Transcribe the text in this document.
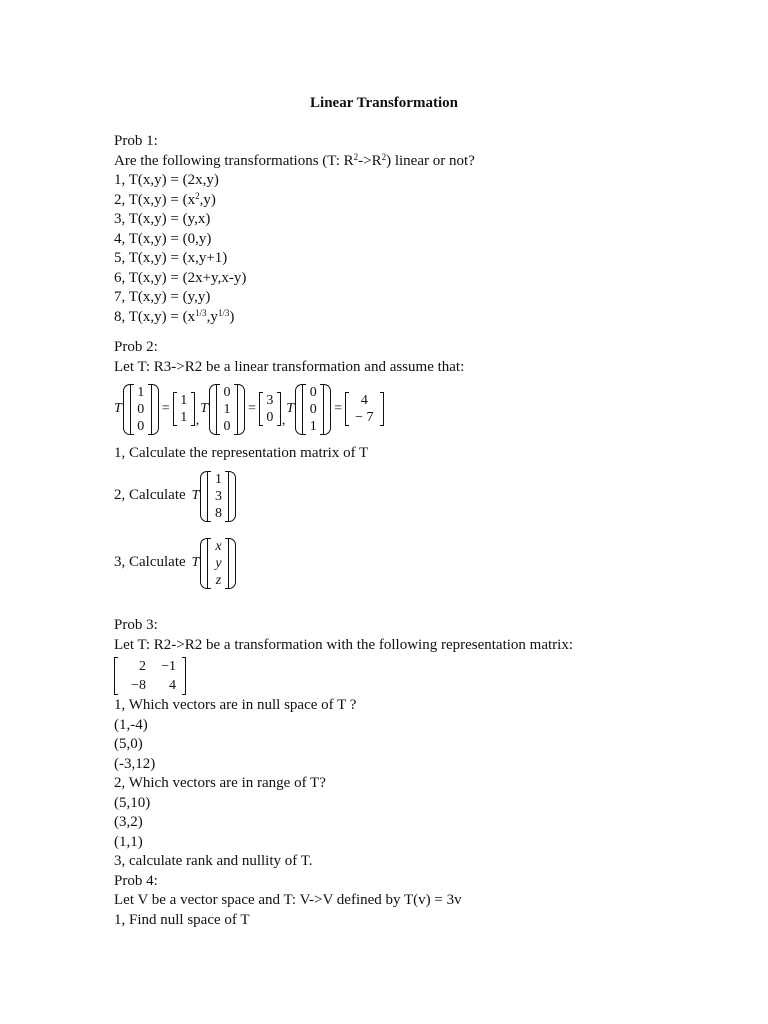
Linear Transformation
Prob 1:
Are the following transformations (T: $R^2->R^2$) linear or not?
1, T(x,y) = (2x,y)
2, $T(x,y) = (x^2,y)$
3, T(x,y) = (y,x)
4, T(x,y) = (0,y)
5, T(x,y) = (x,y+1)
6, T(x,y) = (2x+y,x-y)
7, T(x,y) = (y,y)
8, $T(x,y) = (x^{1/3},y^{1/3})$
Prob 2:
Let T: R3->R2 be a linear transformation and assume that:
T
1
0
0
=
1
1 ,
T
0
1
0
=
3
0 ,
T
0
0
1
=
4
− 7
1, Calculate the representation matrix of T
2, Calculate T
1
3
8
3, Calculate T
x
y
z
Prob 3:
Let T: R2->R2 be a transformation with the following representation matrix:
2	−1
−8	4
1, Which vectors are in null space of T ?
(1,-4)
(5,0)
(-3,12)
2, Which vectors are in range of T?
(5,10)
(3,2)
(1,1)
3, calculate rank and nullity of T.
Prob 4:
Let V be a vector space and T: V->V defined by T(v) = 3v
1, Find null space of T
